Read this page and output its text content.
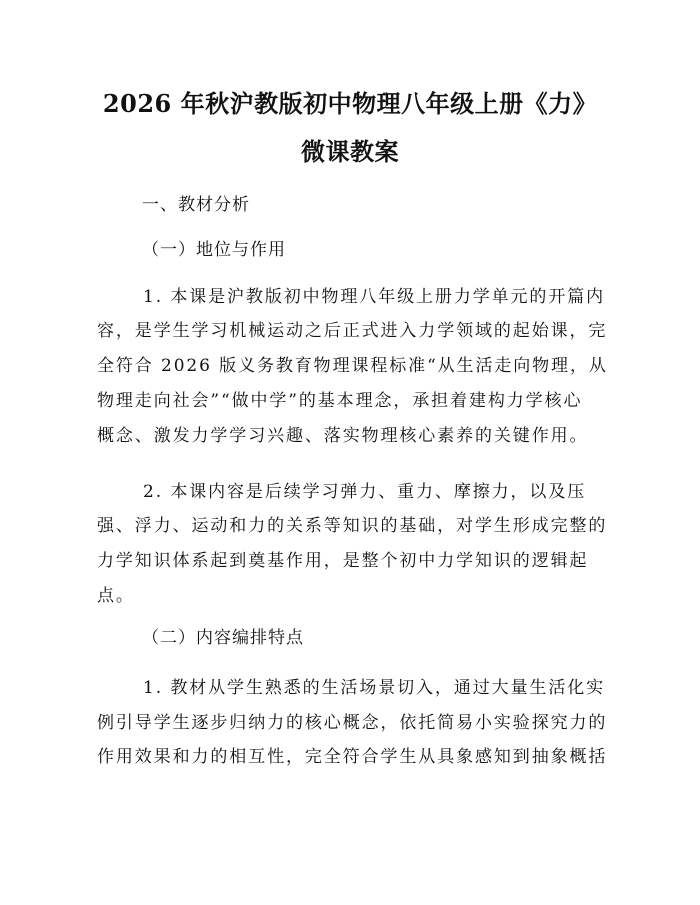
2026 年秋沪教版初中物理八年级上册《力》
微课教案
一、教材分析
（一）地位与作用
1. 本课是沪教版初中物理八年级上册力学单元的开篇内
容，是学生学习机械运动之后正式进入力学领域的起始课，完
全符合 2026 版义务教育物理课程标准“从生活走向物理，从
物理走向社会”“做中学”的基本理念，承担着建构力学核心
概念、激发力学学习兴趣、落实物理核心素养的关键作用。
2. 本课内容是后续学习弹力、重力、摩擦力，以及压
强、浮力、运动和力的关系等知识的基础，对学生形成完整的
力学知识体系起到奠基作用，是整个初中力学知识的逻辑起
点。
（二）内容编排特点
1. 教材从学生熟悉的生活场景切入，通过大量生活化实
例引导学生逐步归纳力的核心概念，依托简易小实验探究力的
作用效果和力的相互性，完全符合学生从具象感知到抽象概括
